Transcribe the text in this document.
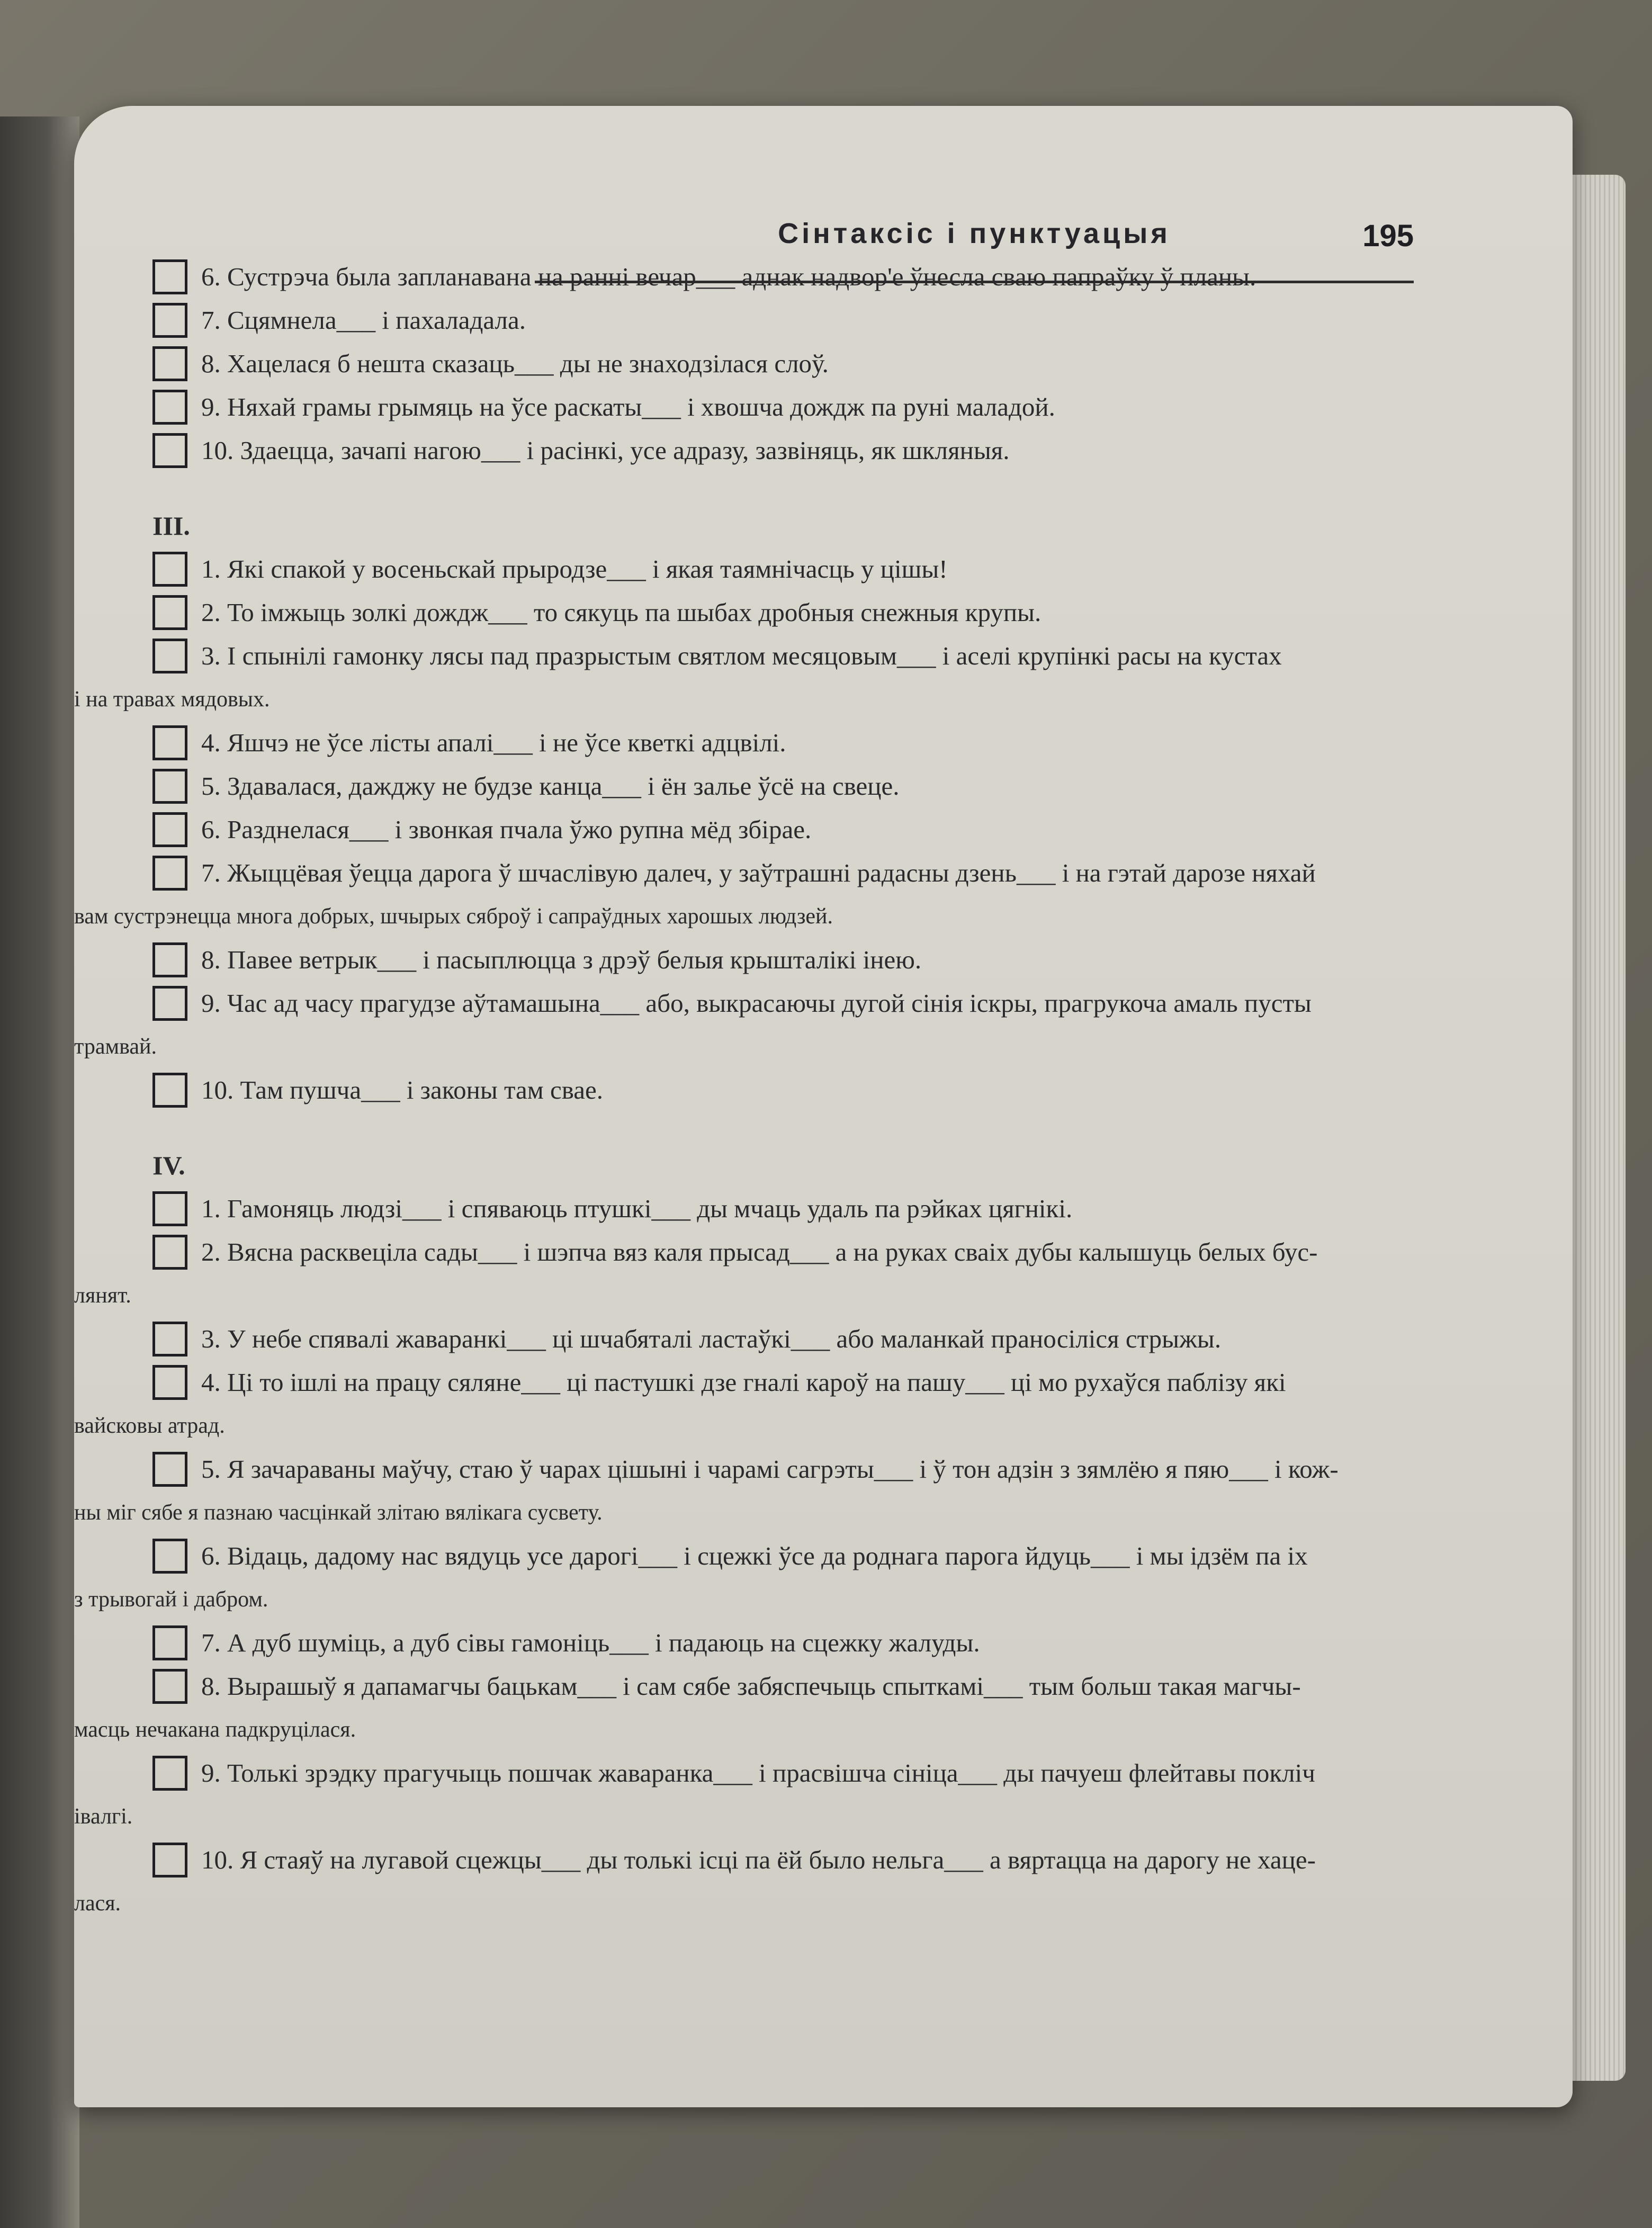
Сінтаксіс і пунктуацыя	195
6. Сустрэча была запланавана на ранні вечар___ аднак надвор'е ўнесла сваю папраўку ў планы.
7. Сцямнела___ і пахаладала.
8. Хацелася б нешта сказаць___ ды не знаходзілася слоў.
9. Няхай грамы грымяць на ўсе раскаты___ і хвошча дождж па руні маладой.
10. Здаецца, зачапі нагою___ і расінкі, усе адразу, зазвіняць, як шкляныя.
III.
1. Які спакой у восеньскай прыродзе___ і якая таямнічасць у цішы!
2. То імжыць золкі дождж___ то сякуць па шыбах дробныя снежныя крупы.
3. І спынілі гамонку лясы пад празрыстым святлом месяцовым___ і аселі крупінкі расы на кустах
і на травах мядовых.
4. Яшчэ не ўсе лісты апалі___ і не ўсе кветкі адцвілі.
5. Здавалася, дажджу не будзе канца___ і ён залье ўсё на свеце.
6. Разднелася___ і звонкая пчала ўжо рупна мёд збірае.
7. Жыццёвая ўецца дарога ў шчаслівую далеч, у заўтрашні радасны дзень___ і на гэтай дарозе няхай
вам сустрэнецца многа добрых, шчырых сяброў і сапраўдных харошых людзей.
8. Павее ветрык___ і пасыплюцца з дрэў белыя крышталікі інею.
9. Час ад часу прагудзе аўтамашына___ або, выкрасаючы дугой сінія іскры, прагрукоча амаль пусты
трамвай.
10. Там пушча___ і законы там свае.
IV.
1. Гамоняць людзі___ і спяваюць птушкі___ ды мчаць удаль па рэйках цягнікі.
2. Вясна расквеціла сады___ і шэпча вяз каля прысад___ а на руках сваіх дубы калышуць белых бус-
лянят.
3. У небе спявалі жаваранкі___ ці шчабяталі ластаўкі___ або маланкай праносіліся стрыжы.
4. Ці то ішлі на працу сяляне___ ці пастушкі дзе гналі кароў на пашу___ ці мо рухаўся паблізу які
вайсковы атрад.
5. Я зачараваны маўчу, стаю ў чарах цішыні і чарамі сагрэты___ і ў тон адзін з зямлёю я пяю___ і кож-
ны міг сябе я пазнаю часцінкай злітаю вялікага сусвету.
6. Відаць, дадому нас вядуць усе дарогі___ і сцежкі ўсе да роднага парога йдуць___ і мы ідзём па іх
з трывогай і дабром.
7. А дуб шуміць, а дуб сівы гамоніць___ і падаюць на сцежку жалуды.
8. Вырашыў я дапамагчы бацькам___ і сам сябе забяспечыць спыткамі___ тым больш такая магчы-
масць нечакана падкруцілася.
9. Толькі зрэдку прагучыць пошчак жаваранка___ і прасвішча сініца___ ды пачуеш флейтавы покліч
івалгі.
10. Я стаяў на лугавой сцежцы___ ды толькі ісці па ёй было нельга___ а вяртацца на дарогу не хаце-
лася.
